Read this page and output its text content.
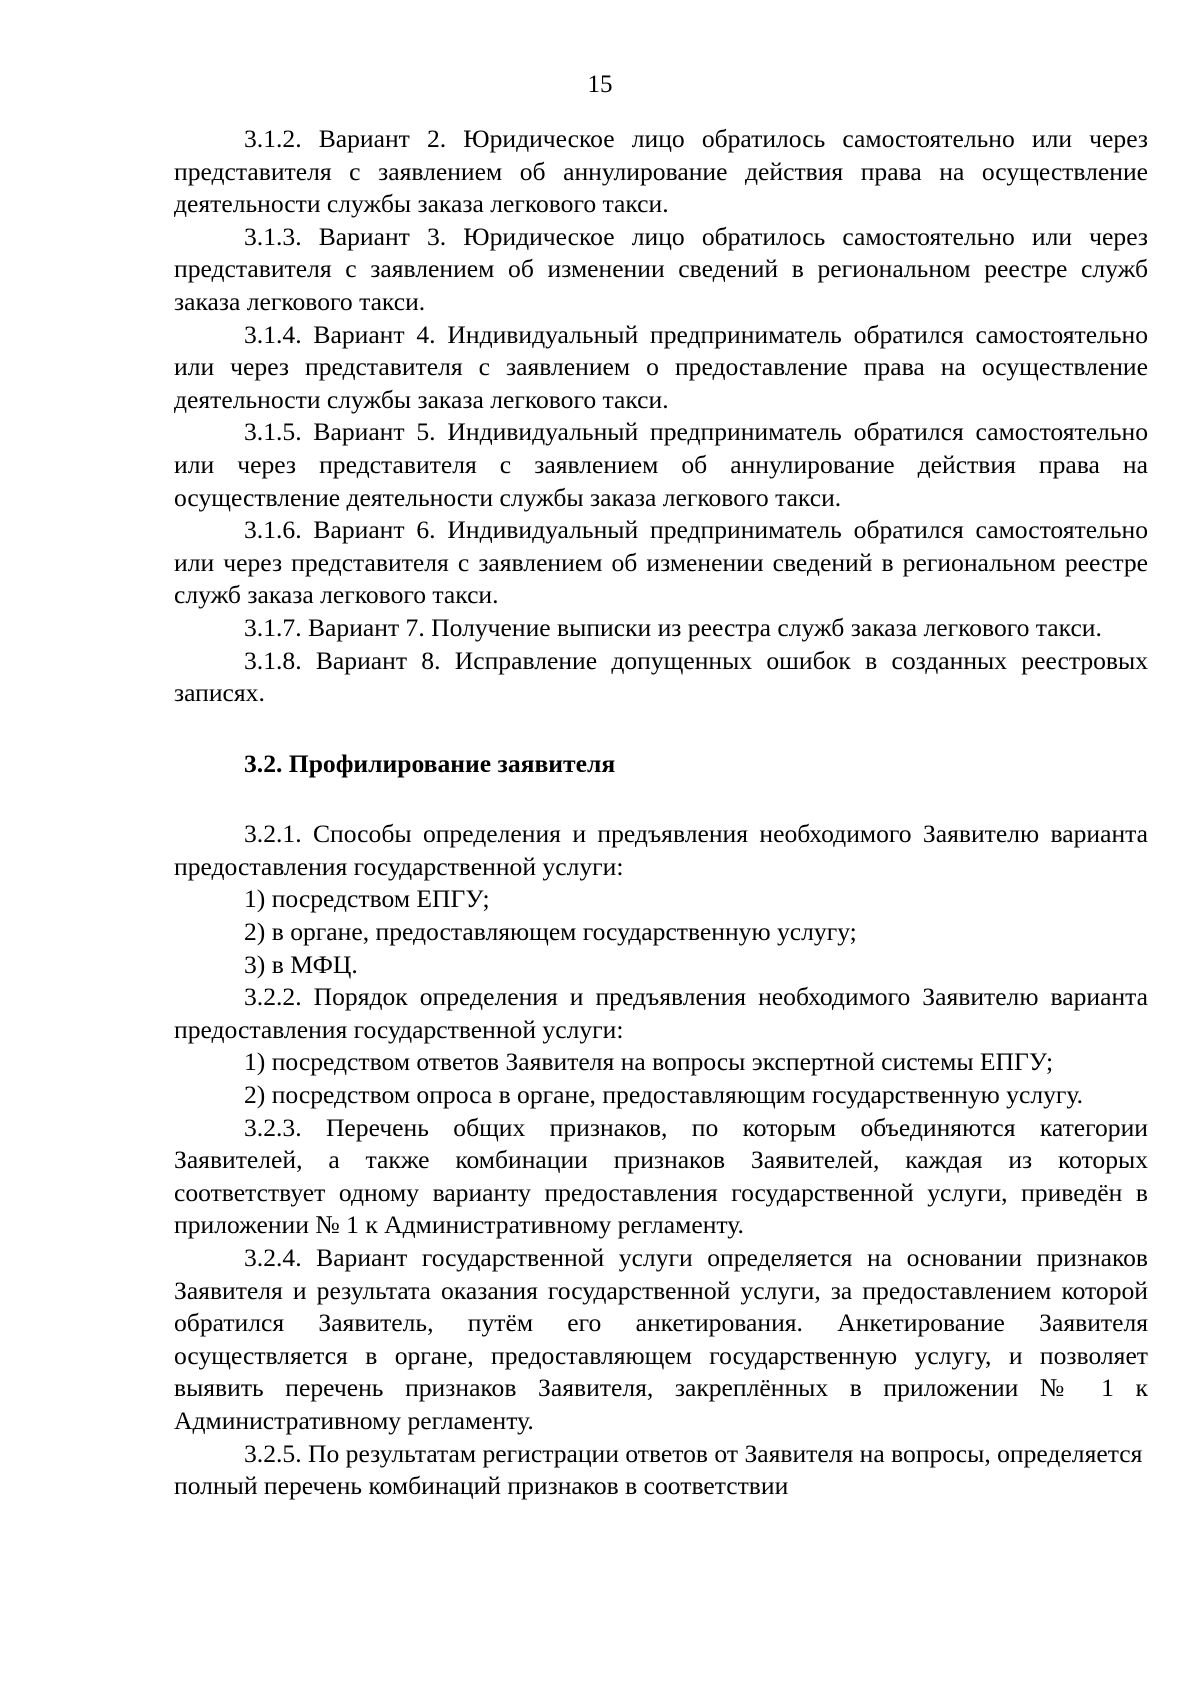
15

3.1.2. Вариант 2. Юридическое лицо обратилось самостоятельно или через представителя с заявлением об аннулирование действия права на осуществление деятельности службы заказа легкового такси.

3.1.3. Вариант 3. Юридическое лицо обратилось самостоятельно или через представителя с заявлением об изменении сведений в региональном реестре служб заказа легкового такси.

3.1.4. Вариант 4. Индивидуальный предприниматель обратился самостоятельно или через представителя с заявлением о предоставление права на осуществление деятельности службы заказа легкового такси.

3.1.5. Вариант 5. Индивидуальный предприниматель обратился самостоятельно или через представителя с заявлением об аннулирование действия права на осуществление деятельности службы заказа легкового такси.

3.1.6. Вариант 6. Индивидуальный предприниматель обратился самостоятельно или через представителя с заявлением об изменении сведений в региональном реестре служб заказа легкового такси.

3.1.7. Вариант 7. Получение выписки из реестра служб заказа легкового такси.

3.1.8. Вариант 8. Исправление допущенных ошибок в созданных реестровых записях.

3.2. Профилирование заявителя

3.2.1. Способы определения и предъявления необходимого Заявителю варианта предоставления государственной услуги:

1) посредством ЕПГУ;

2) в органе, предоставляющем государственную услугу;

3) в МФЦ.

3.2.2. Порядок определения и предъявления необходимого Заявителю варианта предоставления государственной услуги:

1) посредством ответов Заявителя на вопросы экспертной системы ЕПГУ;

2) посредством опроса в органе, предоставляющим государственную услугу.

3.2.3. Перечень общих признаков, по которым объединяются категории Заявителей, а также комбинации признаков Заявителей, каждая из которых соответствует одному варианту предоставления государственной услуги, приведён в приложении № 1 к Административному регламенту.

3.2.4. Вариант государственной услуги определяется на основании признаков Заявителя и результата оказания государственной услуги, за предоставлением которой обратился Заявитель, путём его анкетирования. Анкетирование Заявителя осуществляется в органе, предоставляющем государственную услугу, и позволяет выявить перечень признаков Заявителя, закреплённых в приложении № 1 к Административному регламенту.

3.2.5. По результатам регистрации ответов от Заявителя на вопросы, определяется полный перечень комбинаций признаков в соответствии
